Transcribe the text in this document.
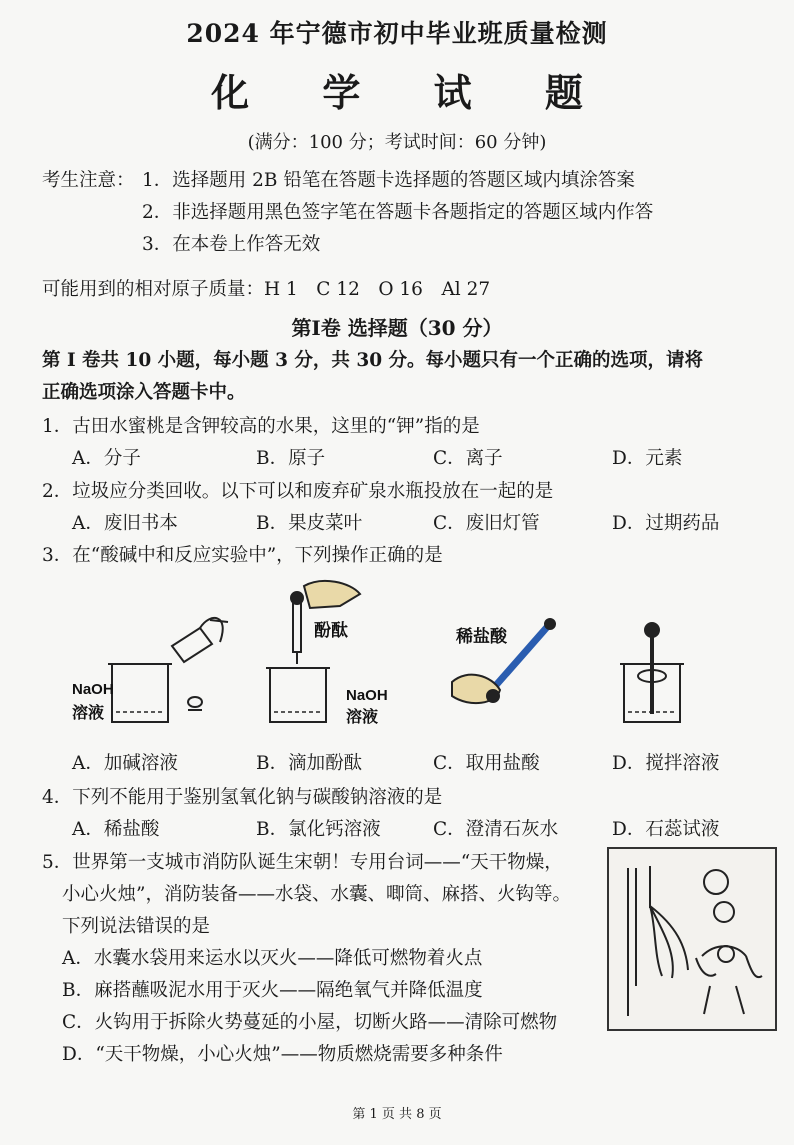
2024 年宁德市初中毕业班质量检测
化 学 试 题
(满分：100 分；考试时间：60 分钟)
考生注意： 1．选择题用 2B 铅笔在答题卡选择题的答题区域内填涂答案
2．非选择题用黑色签字笔在答题卡各题指定的答题区域内作答
3．在本卷上作答无效
可能用到的相对原子质量：H 1　C 12　O 16　Al 27
第Ⅰ卷 选择题（30 分）
第 I 卷共 10 小题，每小题 3 分，共 30 分。每小题只有一个正确的选项，请将
正确选项涂入答题卡中。
1．古田水蜜桃是含钾较高的水果，这里的“钾”指的是
A．分子	B．原子	C．离子	D．元素
2．垃圾应分类回收。以下可以和废弃矿泉水瓶投放在一起的是
A．废旧书本	B．果皮菜叶	C．废旧灯管	D．过期药品
3．在“酸碱中和反应实验中”，下列操作正确的是
NaOH
溶液
酚酞
NaOH
溶液
稀盐酸
A．加碱溶液	B．滴加酚酞	C．取用盐酸	D．搅拌溶液
4．下列不能用于鉴别氢氧化钠与碳酸钠溶液的是
A．稀盐酸	B．氯化钙溶液	C．澄清石灰水	D．石蕊试液
5．世界第一支城市消防队诞生宋朝！专用台词——“天干物燥，
小心火烛”，消防装备——水袋、水囊、唧筒、麻搭、火钩等。
下列说法错误的是
A．水囊水袋用来运水以灭火——降低可燃物着火点
B．麻搭蘸吸泥水用于灭火——隔绝氧气并降低温度
C．火钩用于拆除火势蔓延的小屋，切断火路——清除可燃物
D．“天干物燥，小心火烛”——物质燃烧需要多种条件
第 1 页 共 8 页
